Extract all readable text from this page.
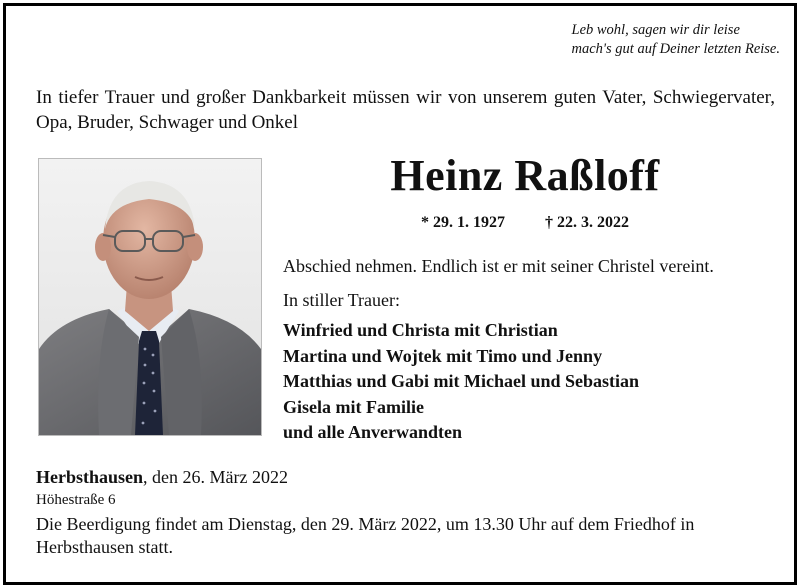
Leb wohl, sagen wir dir leise
mach's gut auf Deiner letzten Reise.
In tiefer Trauer und großer Dankbarkeit müssen wir von unserem guten Vater, Schwiegervater, Opa, Bruder, Schwager und Onkel
Heinz Raßloff
* 29. 1. 1927	† 22. 3. 2022
Abschied nehmen. Endlich ist er mit seiner Christel vereint.
In stiller Trauer:
Winfried und Christa mit Christian
Martina und Wojtek mit Timo und Jenny
Matthias und Gabi mit Michael und Sebastian
Gisela mit Familie
und alle Anverwandten
Herbsthausen, den 26. März 2022
Höhestraße 6
Die Beerdigung findet am Dienstag, den 29. März 2022, um 13.30 Uhr auf dem Friedhof in Herbsthausen statt.
